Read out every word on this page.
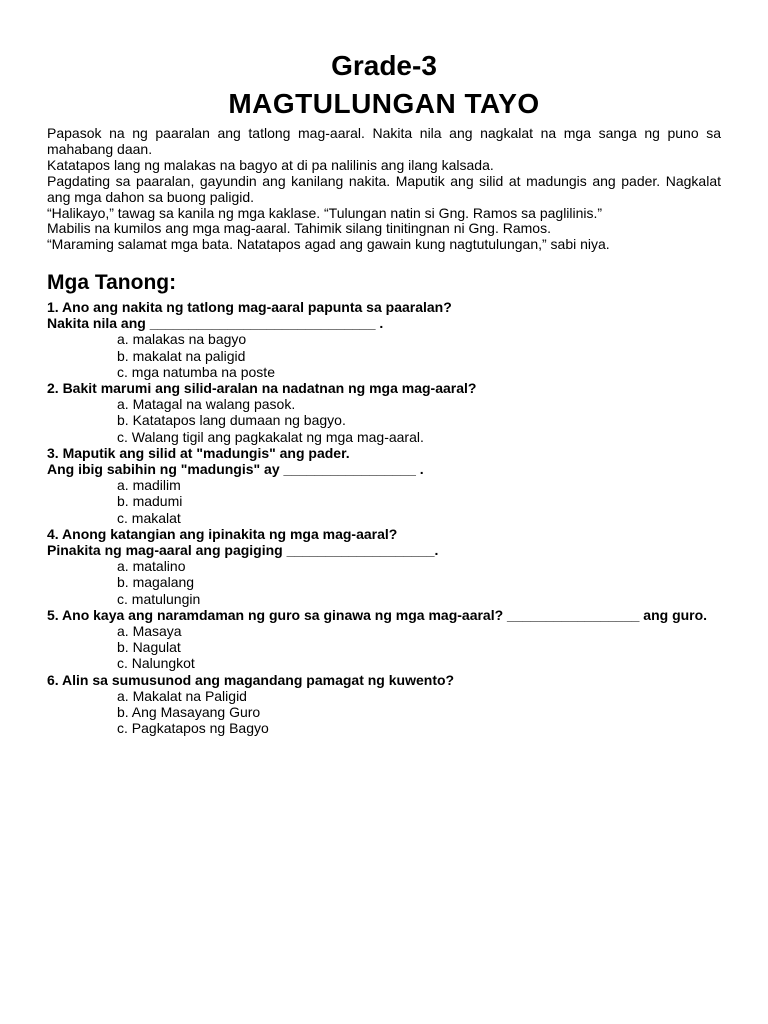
Grade-3
MAGTULUNGAN TAYO

Papasok na ng paaralan ang tatlong mag-aaral. Nakita nila ang nagkalat na mga sanga ng puno sa mahabang daan.

Katatapos lang ng malakas na bagyo at di pa nalilinis ang ilang kalsada.

Pagdating sa paaralan, gayundin ang kanilang nakita. Maputik ang silid at madungis ang pader. Nagkalat ang mga dahon sa buong paligid.

“Halikayo,” tawag sa kanila ng mga kaklase. “Tulungan natin si Gng. Ramos sa paglilinis.”

Mabilis na kumilos ang mga mag-aaral. Tahimik silang tinitingnan ni Gng. Ramos.

“Maraming salamat mga bata. Natatapos agad ang gawain kung nagtutulungan,” sabi niya.

Mga Tanong:

1. Ano ang nakita ng tatlong mag-aaral papunta sa paaralan?

Nakita nila ang _____________________________ .

a. malakas na bagyo

b. makalat na paligid

c. mga natumba na poste

2. Bakit marumi ang silid-aralan na nadatnan ng mga mag-aaral?

a. Matagal na walang pasok.

b. Katatapos lang dumaan ng bagyo.

c. Walang tigil ang pagkakalat ng mga mag-aaral.

3. Maputik ang silid at "madungis" ang pader.

Ang ibig sabihin ng "madungis" ay _________________ .

a. madilim

b. madumi

c. makalat

4. Anong katangian ang ipinakita ng mga mag-aaral?

Pinakita ng mag-aaral ang pagiging ___________________.

a. matalino

b. magalang

c. matulungin

5. Ano kaya ang naramdaman ng guro sa ginawa ng mga mag-aaral? _________________ ang guro.

a. Masaya

b. Nagulat

c. Nalungkot

6. Alin sa sumusunod ang magandang pamagat ng kuwento?

a. Makalat na Paligid

b. Ang Masayang Guro

c. Pagkatapos ng Bagyo
